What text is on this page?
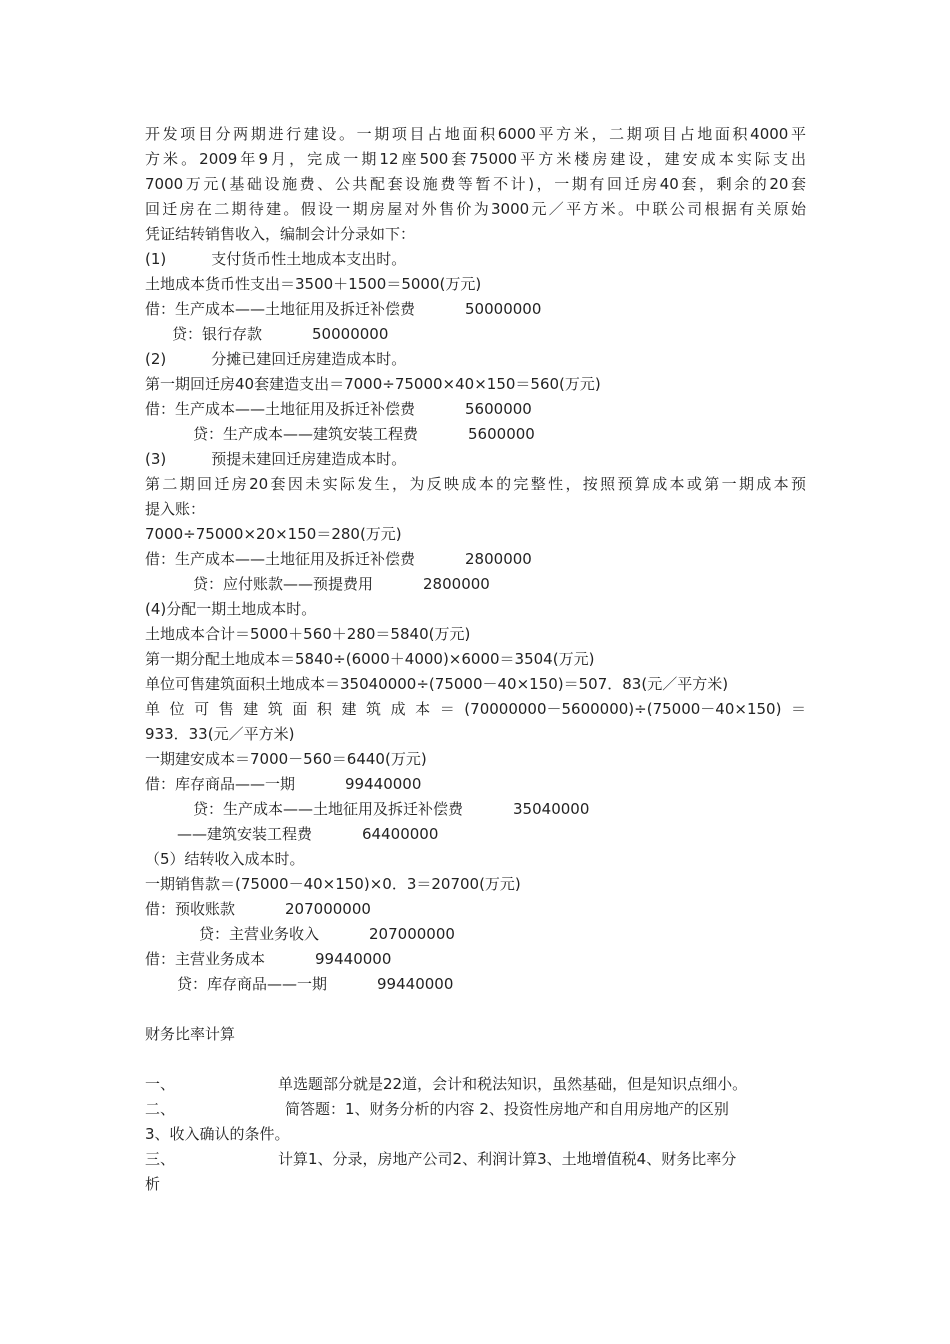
开发项目分两期进行建设。一期项目占地面积6000平方米，二期项目占地面积4000平
方米。2009年9月，完成一期12座500套75000平方米楼房建设，建安成本实际支出
7000万元(基础设施费、公共配套设施费等暂不计)，一期有回迁房40套，剩余的20套
回迁房在二期待建。假设一期房屋对外售价为3000元／平方米。中联公司根据有关原始
凭证结转销售收入，编制会计分录如下：
(1)	支付货币性土地成本支出时。
土地成本货币性支出＝3500＋1500＝5000(万元)
借：生产成本——土地征用及拆迁补偿费	50000000
贷：银行存款	50000000
(2)	分摊已建回迁房建造成本时。
第一期回迁房40套建造支出＝7000÷75000×40×150＝560(万元)
借：生产成本——土地征用及拆迁补偿费	5600000
贷：生产成本——建筑安装工程费	5600000
(3)	预提未建回迁房建造成本时。
第二期回迁房20套因未实际发生，为反映成本的完整性，按照预算成本或第一期成本预
提入账：
7000÷75000×20×150＝280(万元)
借：生产成本——土地征用及拆迁补偿费	2800000
贷：应付账款——预提费用	2800000
(4)分配一期土地成本时。
土地成本合计＝5000＋560＋280＝5840(万元)
第一期分配土地成本＝5840÷(6000＋4000)×6000＝3504(万元)
单位可售建筑面积土地成本＝35040000÷(75000－40×150)＝507．83(元／平方米)
单位可售建筑面积建筑成本＝(70000000－5600000)÷(75000－40×150)＝
933．33(元／平方米)
一期建安成本＝7000－560＝6440(万元)
借：库存商品——一期	99440000
贷：生产成本——土地征用及拆迁补偿费	35040000
——建筑安装工程费	64400000
（5）结转收入成本时。
一期销售款＝(75000－40×150)×0．3＝20700(万元)
借：预收账款	207000000
贷：主营业务收入	207000000
借：主营业务成本	99440000
贷：库存商品——一期	99440000
财务比率计算
一、	单选题部分就是22道，会计和税法知识，虽然基础，但是知识点细小。
二、	简答题：1、财务分析的内容 2、投资性房地产和自用房地产的区别
3、收入确认的条件。
三、	计算1、分录，房地产公司2、利润计算3、土地增值税4、财务比率分
析
